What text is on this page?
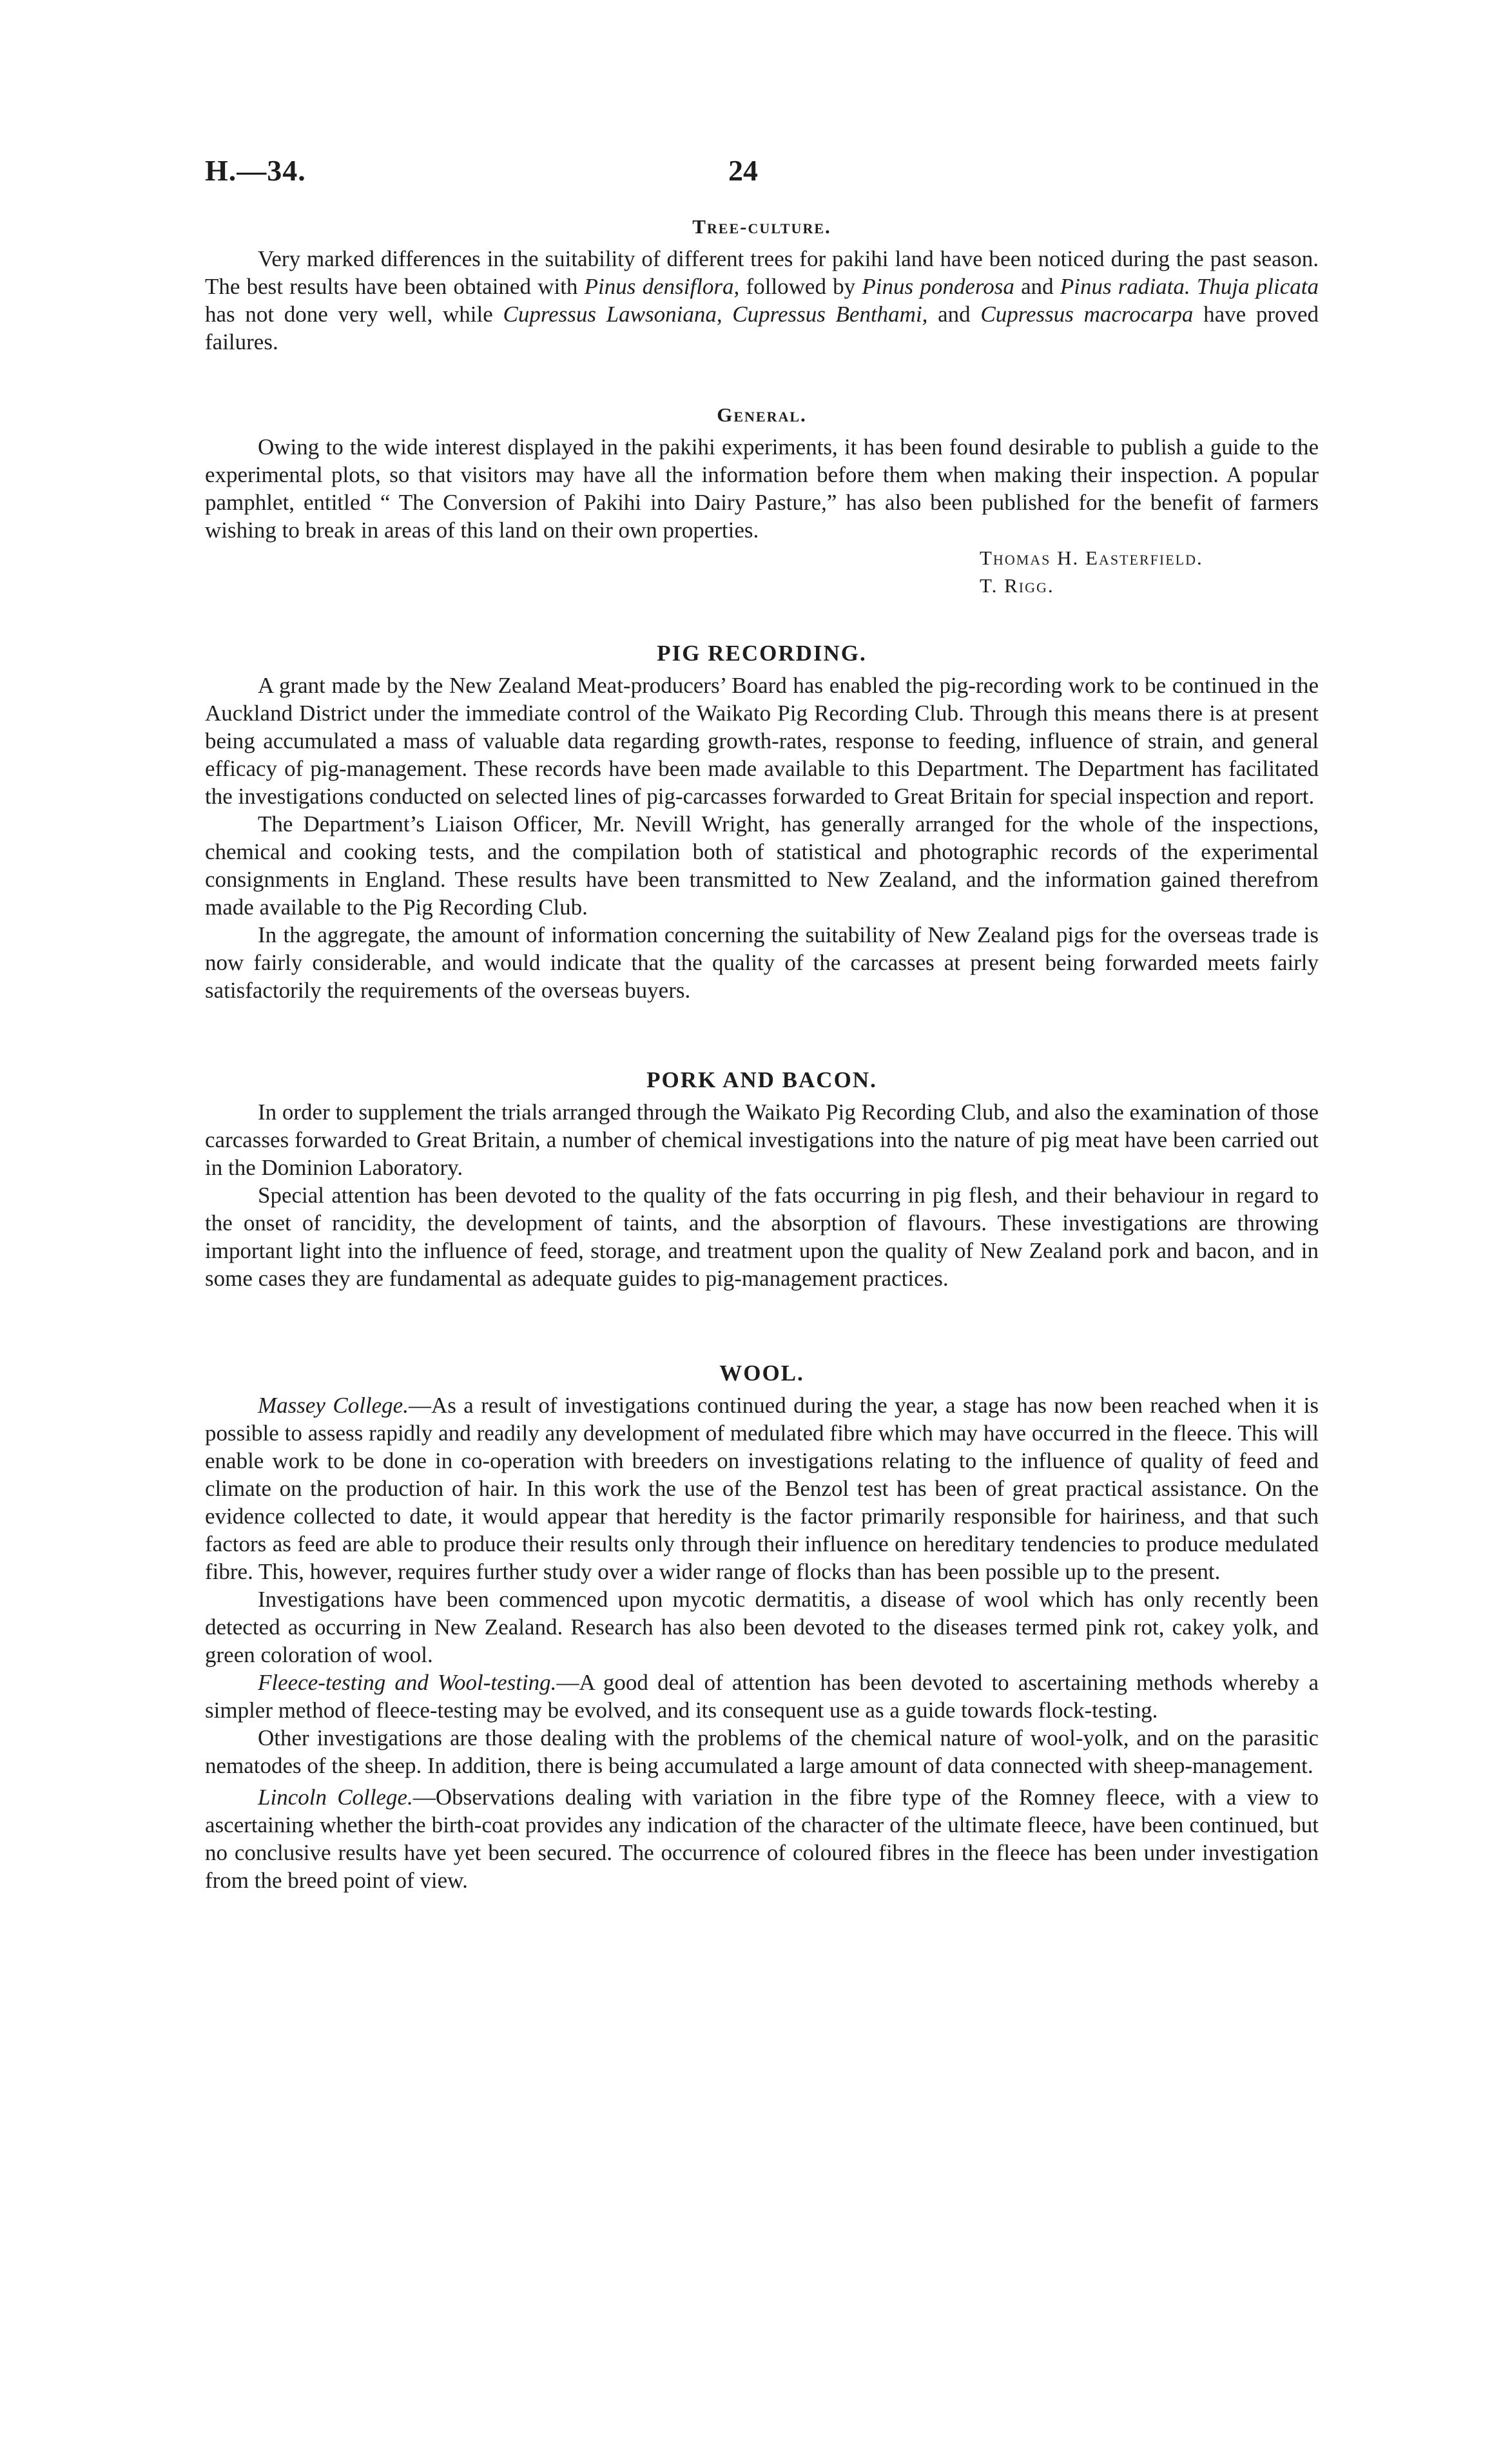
H.—34.	24
Tree-culture.

Very marked differences in the suitability of different trees for pakihi land have been noticed during the past season. The best results have been obtained with Pinus densiflora, followed by Pinus ponderosa and Pinus radiata. Thuja plicata has not done very well, while Cupressus Lawsoniana, Cupressus Benthami, and Cupressus macrocarpa have proved failures.

General.

Owing to the wide interest displayed in the pakihi experiments, it has been found desirable to publish a guide to the experimental plots, so that visitors may have all the information before them when making their inspection. A popular pamphlet, entitled “ The Conversion of Pakihi into Dairy Pasture,” has also been published for the benefit of farmers wishing to break in areas of this land on their own properties.

Thomas H. Easterfield.
T. Rigg.
PIG RECORDING.

A grant made by the New Zealand Meat-producers’ Board has enabled the pig-recording work to be continued in the Auckland District under the immediate control of the Waikato Pig Recording Club. Through this means there is at present being accumulated a mass of valuable data regarding growth-rates, response to feeding, influence of strain, and general efficacy of pig-management. These records have been made available to this Department. The Department has facilitated the investigations conducted on selected lines of pig-carcasses forwarded to Great Britain for special inspection and report.

The Department’s Liaison Officer, Mr. Nevill Wright, has generally arranged for the whole of the inspections, chemical and cooking tests, and the compilation both of statistical and photographic records of the experimental consignments in England. These results have been transmitted to New Zealand, and the information gained therefrom made available to the Pig Recording Club.

In the aggregate, the amount of information concerning the suitability of New Zealand pigs for the overseas trade is now fairly considerable, and would indicate that the quality of the carcasses at present being forwarded meets fairly satisfactorily the requirements of the overseas buyers.

PORK AND BACON.

In order to supplement the trials arranged through the Waikato Pig Recording Club, and also the examination of those carcasses forwarded to Great Britain, a number of chemical investigations into the nature of pig meat have been carried out in the Dominion Laboratory.

Special attention has been devoted to the quality of the fats occurring in pig flesh, and their behaviour in regard to the onset of rancidity, the development of taints, and the absorption of flavours. These investigations are throwing important light into the influence of feed, storage, and treatment upon the quality of New Zealand pork and bacon, and in some cases they are fundamental as adequate guides to pig-management practices.

WOOL.

Massey College.—As a result of investigations continued during the year, a stage has now been reached when it is possible to assess rapidly and readily any development of medulated fibre which may have occurred in the fleece. This will enable work to be done in co-operation with breeders on investigations relating to the influence of quality of feed and climate on the production of hair. In this work the use of the Benzol test has been of great practical assistance. On the evidence collected to date, it would appear that heredity is the factor primarily responsible for hairiness, and that such factors as feed are able to produce their results only through their influence on hereditary tendencies to produce medulated fibre. This, however, requires further study over a wider range of flocks than has been possible up to the present.

Investigations have been commenced upon mycotic dermatitis, a disease of wool which has only recently been detected as occurring in New Zealand. Research has also been devoted to the diseases termed pink rot, cakey yolk, and green coloration of wool.

Fleece-testing and Wool-testing.—A good deal of attention has been devoted to ascertaining methods whereby a simpler method of fleece-testing may be evolved, and its consequent use as a guide towards flock-testing.

Other investigations are those dealing with the problems of the chemical nature of wool-yolk, and on the parasitic nematodes of the sheep. In addition, there is being accumulated a large amount of data connected with sheep-management.

Lincoln College.—Observations dealing with variation in the fibre type of the Romney fleece, with a view to ascertaining whether the birth-coat provides any indication of the character of the ultimate fleece, have been continued, but no conclusive results have yet been secured. The occurrence of coloured fibres in the fleece has been under investigation from the breed point of view.
